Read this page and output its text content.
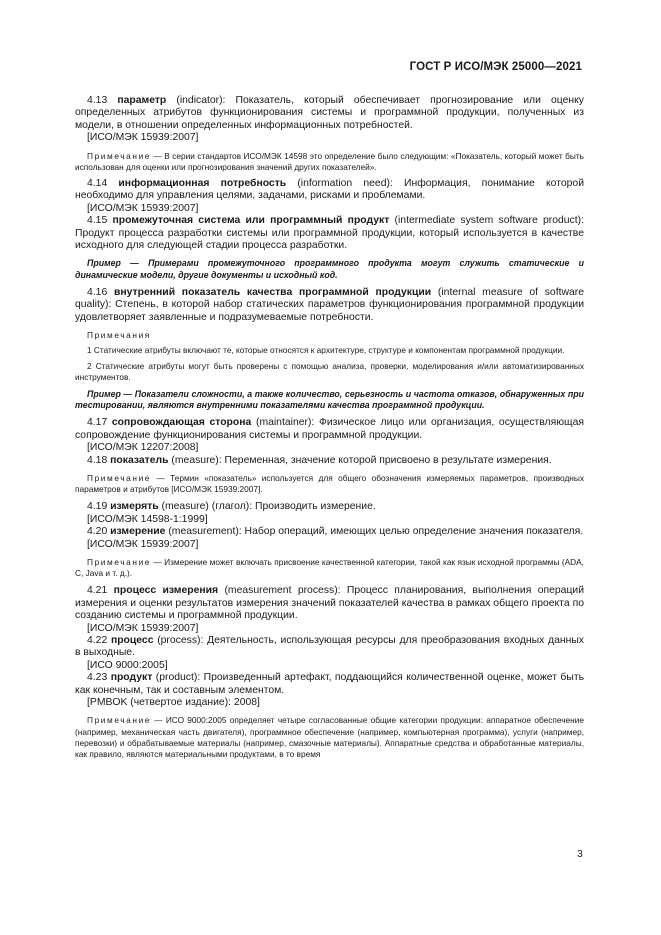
ГОСТ Р ИСО/МЭК 25000—2021

4.13 параметр (indicator): Показатель, который обеспечивает прогнозирование или оценку определенных атрибутов функционирования системы и программной продукции, полученных из модели, в отношении определенных информационных потребностей.

[ИСО/МЭК 15939:2007]

Примечание — В серии стандартов ИСО/МЭК 14598 это определение было следующим: «Показатель, который может быть использован для оценки или прогнозирования значений других показателей».

4.14 информационная потребность (information need): Информация, понимание которой необходимо для управления целями, задачами, рисками и проблемами.

[ИСО/МЭК 15939:2007]

4.15 промежуточная система или программный продукт (intermediate system software product): Продукт процесса разработки системы или программной продукции, который используется в качестве исходного для следующей стадии процесса разработки.

Пример — Примерами промежуточного программного продукта могут служить статические и динамические модели, другие документы и исходный код.

4.16 внутренний показатель качества программной продукции (internal measure of software quality): Степень, в которой набор статических параметров функционирования программной продукции удовлетворяет заявленные и подразумеваемые потребности.

Примечания

1 Статические атрибуты включают те, которые относятся к архитектуре, структуре и компонентам программной продукции.

2 Статические атрибуты могут быть проверены с помощью анализа, проверки, моделирования и/или автоматизированных инструментов.

Пример — Показатели сложности, а также количество, серьезность и частота отказов, обнаруженных при тестировании, являются внутренними показателями качества программной продукции.

4.17 сопровождающая сторона (maintainer): Физическое лицо или организация, осуществляющая сопровождение функционирования системы и программной продукции.

[ИСО/МЭК 12207:2008]

4.18 показатель (measure): Переменная, значение которой присвоено в результате измерения.

Примечание — Термин «показатель» используется для общего обозначения измеряемых параметров, производных параметров и атрибутов [ИСО/МЭК 15939:2007].

4.19 измерять (measure) (глагол): Производить измерение.

[ИСО/МЭК 14598-1:1999]

4.20 измерение (measurement): Набор операций, имеющих целью определение значения показателя.

[ИСО/МЭК 15939:2007]

Примечание — Измерение может включать присвоение качественной категории, такой как язык исходной программы (ADA, C, Java и т. д.).

4.21 процесс измерения (measurement process): Процесс планирования, выполнения операций измерения и оценки результатов измерения значений показателей качества в рамках общего проекта по созданию системы и программной продукции.

[ИСО/МЭК 15939:2007]

4.22 процесс (process): Деятельность, использующая ресурсы для преобразования входных данных в выходные.

[ИСО 9000:2005]

4.23 продукт (product): Произведенный артефакт, поддающийся количественной оценке, может быть как конечным, так и составным элементом.

[PMBOK (четвертое издание): 2008]

Примечание — ИСО 9000:2005 определяет четыре согласованные общие категории продукции: аппаратное обеспечение (например, механическая часть двигателя), программное обеспечение (например, компьютерная программа), услуги (например, перевозки) и обрабатываемые материалы (например, смазочные материалы). Аппаратные средства и обработанные материалы, как правило, являются материальными продуктами, в то время

3
